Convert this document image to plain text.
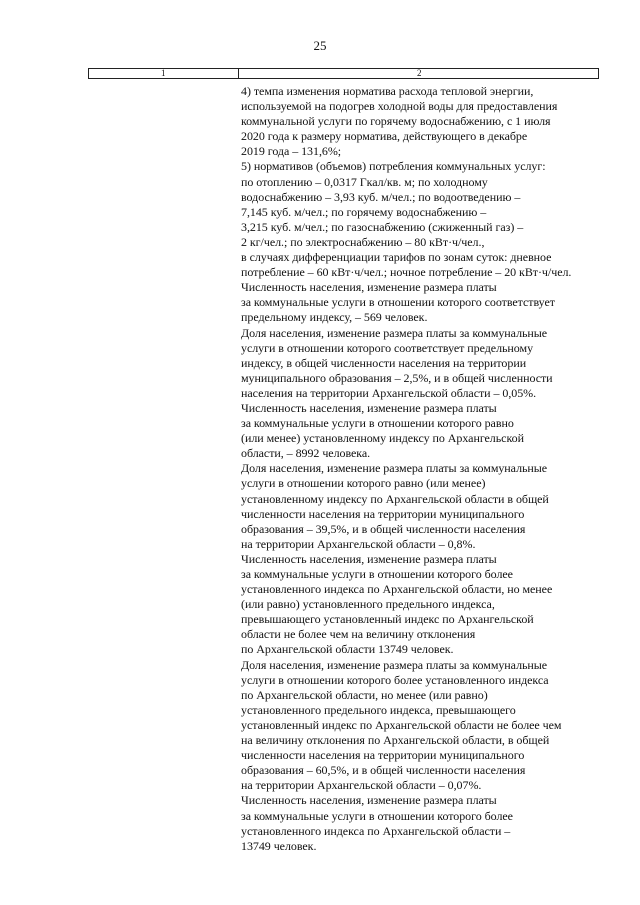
25
1	2
4) темпа изменения норматива расхода тепловой энергии,
используемой на подогрев холодной воды для предоставления
коммунальной услуги по горячему водоснабжению, с 1 июля
2020 года к размеру норматива, действующего в декабре
2019 года – 131,6%;
5) нормативов (объемов) потребления коммунальных услуг:
по отоплению – 0,0317 Гкал/кв. м; по холодному
водоснабжению – 3,93 куб. м/чел.; по водоотведению –
7,145 куб. м/чел.; по горячему водоснабжению –
3,215 куб. м/чел.; по газоснабжению (сжиженный газ) –
2 кг/чел.; по электроснабжению – 80 кВт·ч/чел.,
в случаях дифференциации тарифов по зонам суток: дневное
потребление – 60 кВт·ч/чел.; ночное потребление – 20 кВт·ч/чел.
Численность населения, изменение размера платы
за коммунальные услуги в отношении которого соответствует
предельному индексу, – 569 человек.
Доля населения, изменение размера платы за коммунальные
услуги в отношении которого соответствует предельному
индексу, в общей численности населения на территории
муниципального образования – 2,5%, и в общей численности
населения на территории Архангельской области – 0,05%.
Численность населения, изменение размера платы
за коммунальные услуги в отношении которого равно
(или менее) установленному индексу по Архангельской
области, – 8992 человека.
Доля населения, изменение размера платы за коммунальные
услуги в отношении которого равно (или менее)
установленному индексу по Архангельской области в общей
численности населения на территории муниципального
образования – 39,5%, и в общей численности населения
на территории Архангельской области – 0,8%.
Численность населения, изменение размера платы
за коммунальные услуги в отношении которого более
установленного индекса по Архангельской области, но менее
(или равно) установленного предельного индекса,
превышающего установленный индекс по Архангельской
области не более чем на величину отклонения
по Архангельской области 13749 человек.
Доля населения, изменение размера платы за коммунальные
услуги в отношении которого более установленного индекса
по Архангельской области, но менее (или равно)
установленного предельного индекса, превышающего
установленный индекс по Архангельской области не более чем
на величину отклонения по Архангельской области, в общей
численности населения на территории муниципального
образования – 60,5%, и в общей численности населения
на территории Архангельской области – 0,07%.
Численность населения, изменение размера платы
за коммунальные услуги в отношении которого более
установленного индекса по Архангельской области –
13749 человек.
